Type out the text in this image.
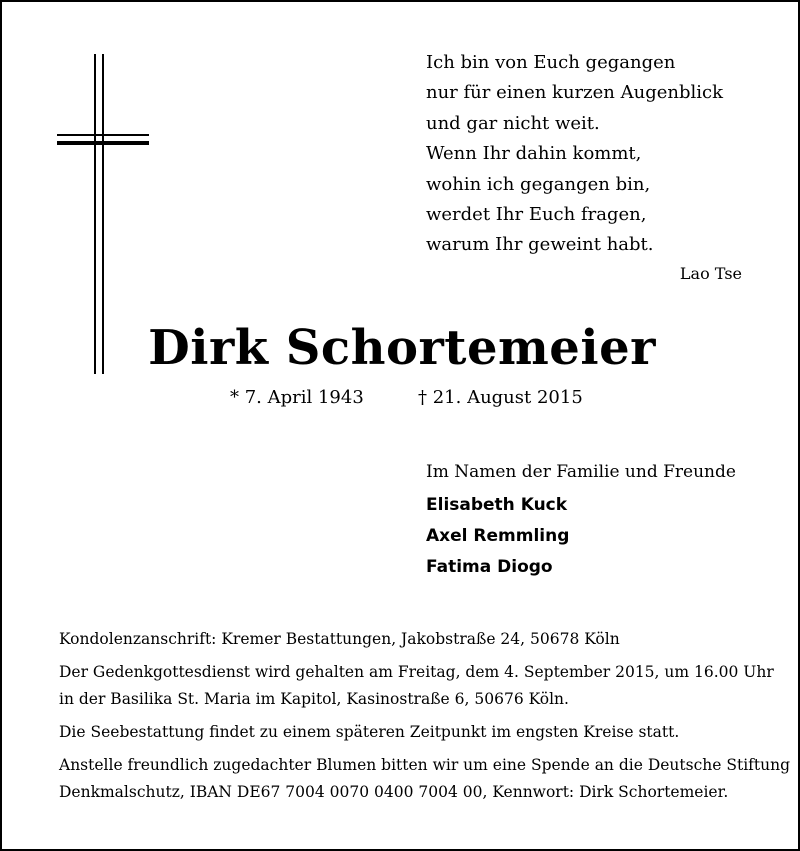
Ich bin von Euch gegangen
nur für einen kurzen Augenblick
und gar nicht weit.
Wenn Ihr dahin kommt,
wohin ich gegangen bin,
werdet Ihr Euch fragen,
warum Ihr geweint habt.
Lao Tse
Dirk Schortemeier
* 7. April 1943	† 21. August 2015
Im Namen der Familie und Freunde
Elisabeth Kuck
Axel Remmling
Fatima Diogo

Kondolenzanschrift: Kremer Bestattungen, Jakobstraße 24, 50678 Köln

Der Gedenkgottesdienst wird gehalten am Freitag, dem 4. September 2015, um 16.00 Uhr
in der Basilika St. Maria im Kapitol, Kasinostraße 6, 50676 Köln.

Die Seebestattung findet zu einem späteren Zeitpunkt im engsten Kreise statt.

Anstelle freundlich zugedachter Blumen bitten wir um eine Spende an die Deutsche Stiftung
Denkmalschutz, IBAN DE67 7004 0070 0400 7004 00, Kennwort: Dirk Schortemeier.
